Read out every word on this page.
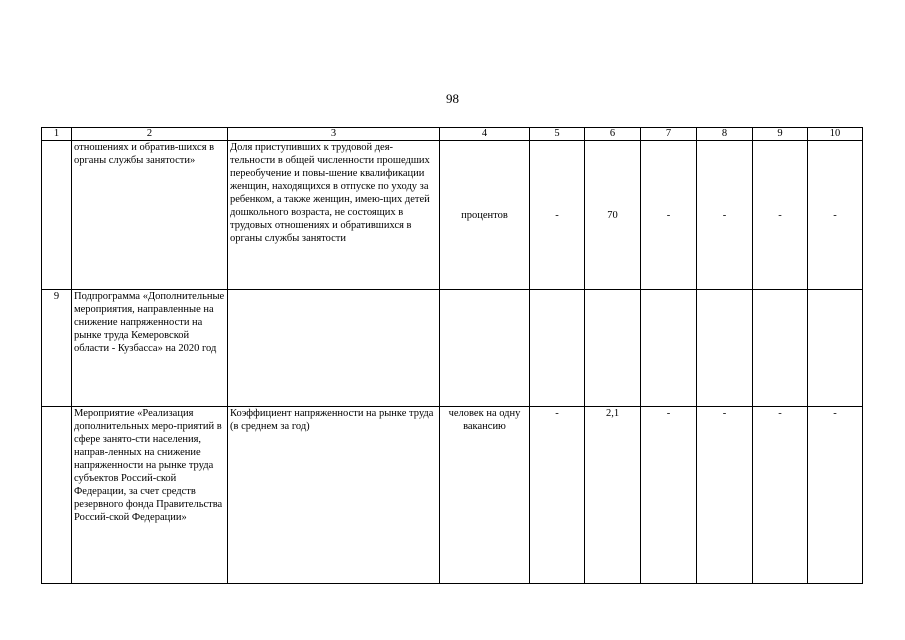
98
1	2	3	4	5	6	7	8	9	10
	отношениях и обратив-шихся в органы службы занятости»	Доля приступивших к трудовой дея-тельности в общей численности прошедших переобучение и повы-шение квалификации женщин, находящихся в отпуске по уходу за ребенком, а также женщин, имею-щих детей дошкольного возраста, не состоящих в трудовых отношениях и обратившихся в органы службы занятости	процентов	-	70	-	-	-	-
9	Подпрограмма «Дополнительные мероприятия, направленные на снижение напряженности на рынке труда Кемеровской области - Кузбасса» на 2020 год								
	Мероприятие «Реализация дополнительных меро-приятий в сфере занято-сти населения, направ-ленных на снижение напряженности на рынке труда субъектов Россий-ской Федерации, за счет средств резервного фонда Правительства Россий-ской Федерации»	Коэффициент напряженности на рынке труда (в среднем за год)	человек на одну вакансию	-	2,1	-	-	-	-
